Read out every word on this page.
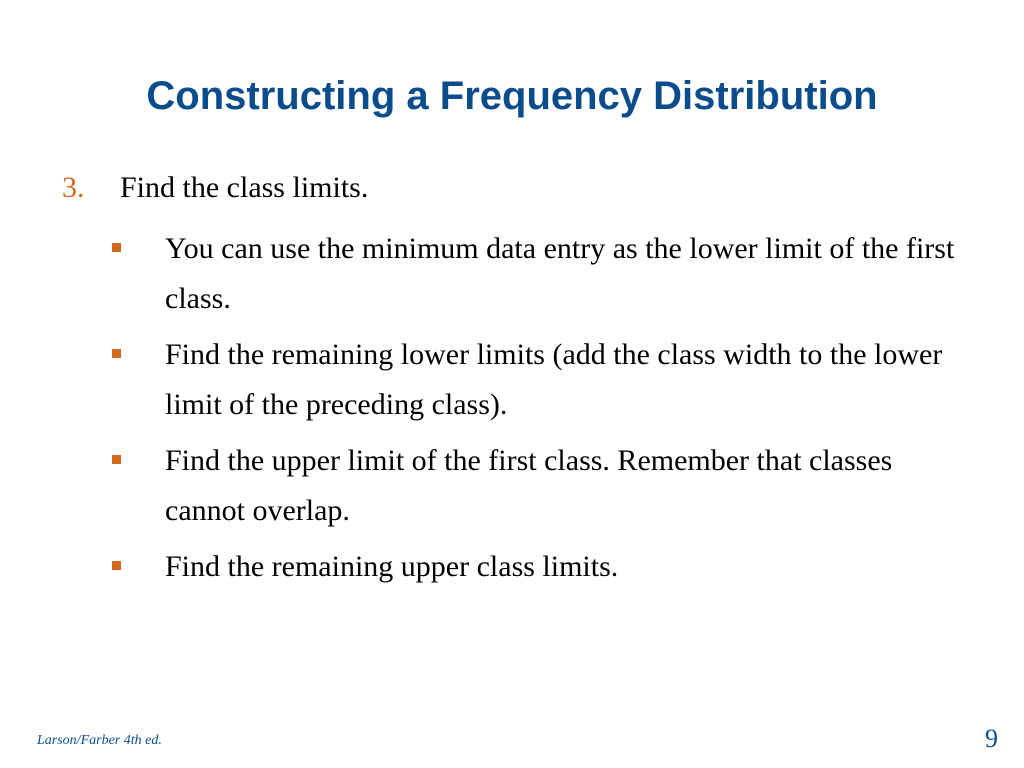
Constructing a Frequency Distribution
3. Find the class limits.
You can use the minimum data entry as the lower limit of the first class.
Find the remaining lower limits (add the class width to the lower limit of the preceding class).
Find the upper limit of the first class. Remember that classes cannot overlap.
Find the remaining upper class limits.
Larson/Farber 4th ed.	9
